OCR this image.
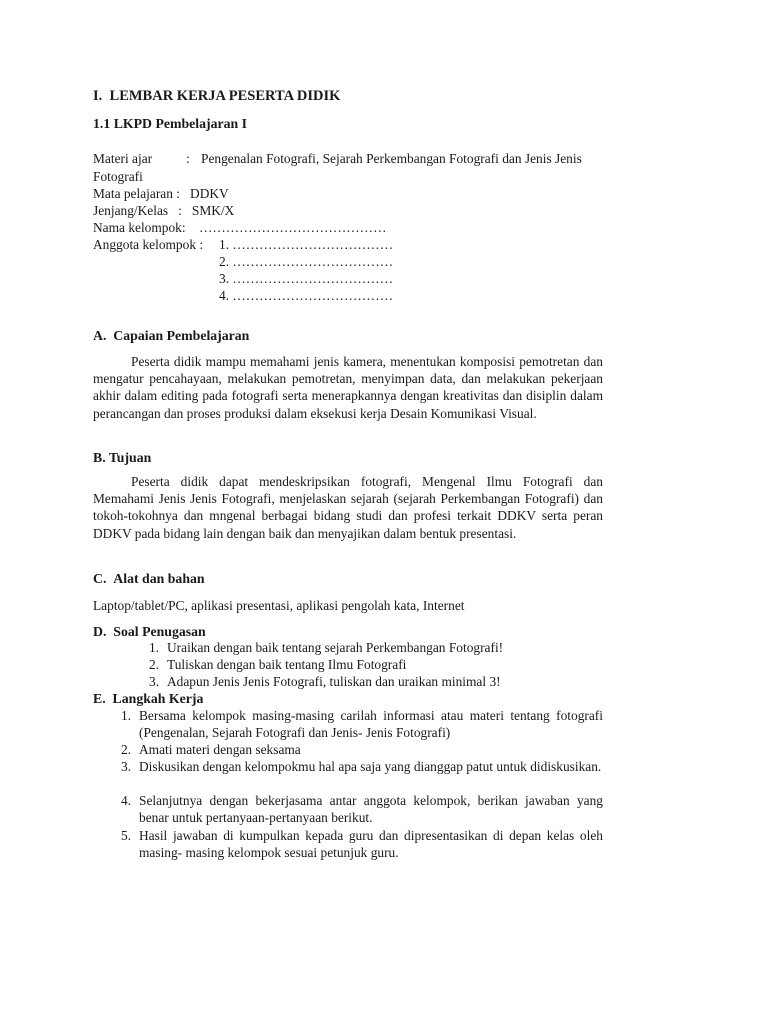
I.  LEMBAR KERJA PESERTA DIDIK
1.1 LKPD Pembelajaran I
Materi ajar	: Pengenalan Fotografi, Sejarah Perkembangan Fotografi dan Jenis Jenis
Fotografi
Mata pelajaran :   DDKV
Jenjang/Kelas   :   SMK/X
Nama kelompok:    ……………………………………
Anggota kelompok : 1. ………………………………
2. ………………………………
3. ………………………………
4. ………………………………
A.  Capaian Pembelajaran
Peserta didik mampu memahami jenis kamera, menentukan komposisi pemotretan dan mengatur pencahayaan, melakukan pemotretan, menyimpan data, dan melakukan pekerjaan akhir dalam editing pada fotografi serta menerapkannya dengan kreativitas dan disiplin dalam perancangan dan proses produksi dalam eksekusi kerja Desain Komunikasi Visual.
B. Tujuan
Peserta didik dapat mendeskripsikan fotografi, Mengenal Ilmu Fotografi dan Memahami Jenis Jenis Fotografi, menjelaskan sejarah (sejarah Perkembangan Fotografi) dan tokoh-tokohnya dan mngenal berbagai bidang studi dan profesi terkait DDKV serta peran DDKV pada bidang lain dengan baik dan menyajikan dalam bentuk presentasi.
C.  Alat dan bahan
Laptop/tablet/PC, aplikasi presentasi, aplikasi pengolah kata, Internet
D.  Soal Penugasan
1. Uraikan dengan baik tentang sejarah Perkembangan Fotografi!
2. Tuliskan dengan baik tentang Ilmu Fotografi
3. Adapun Jenis Jenis Fotografi, tuliskan dan uraikan minimal 3!
E.  Langkah Kerja
1. Bersama kelompok masing-masing carilah informasi atau materi tentang fotografi (Pengenalan, Sejarah Fotografi dan Jenis- Jenis Fotografi)
2. Amati materi dengan seksama
3. Diskusikan dengan kelompokmu hal apa saja yang dianggap patut untuk didiskusikan.
4. Selanjutnya dengan bekerjasama antar anggota kelompok, berikan jawaban yang benar untuk pertanyaan-pertanyaan berikut.
5. Hasil jawaban di kumpulkan kepada guru dan dipresentasikan di depan kelas oleh masing- masing kelompok sesuai petunjuk guru.
